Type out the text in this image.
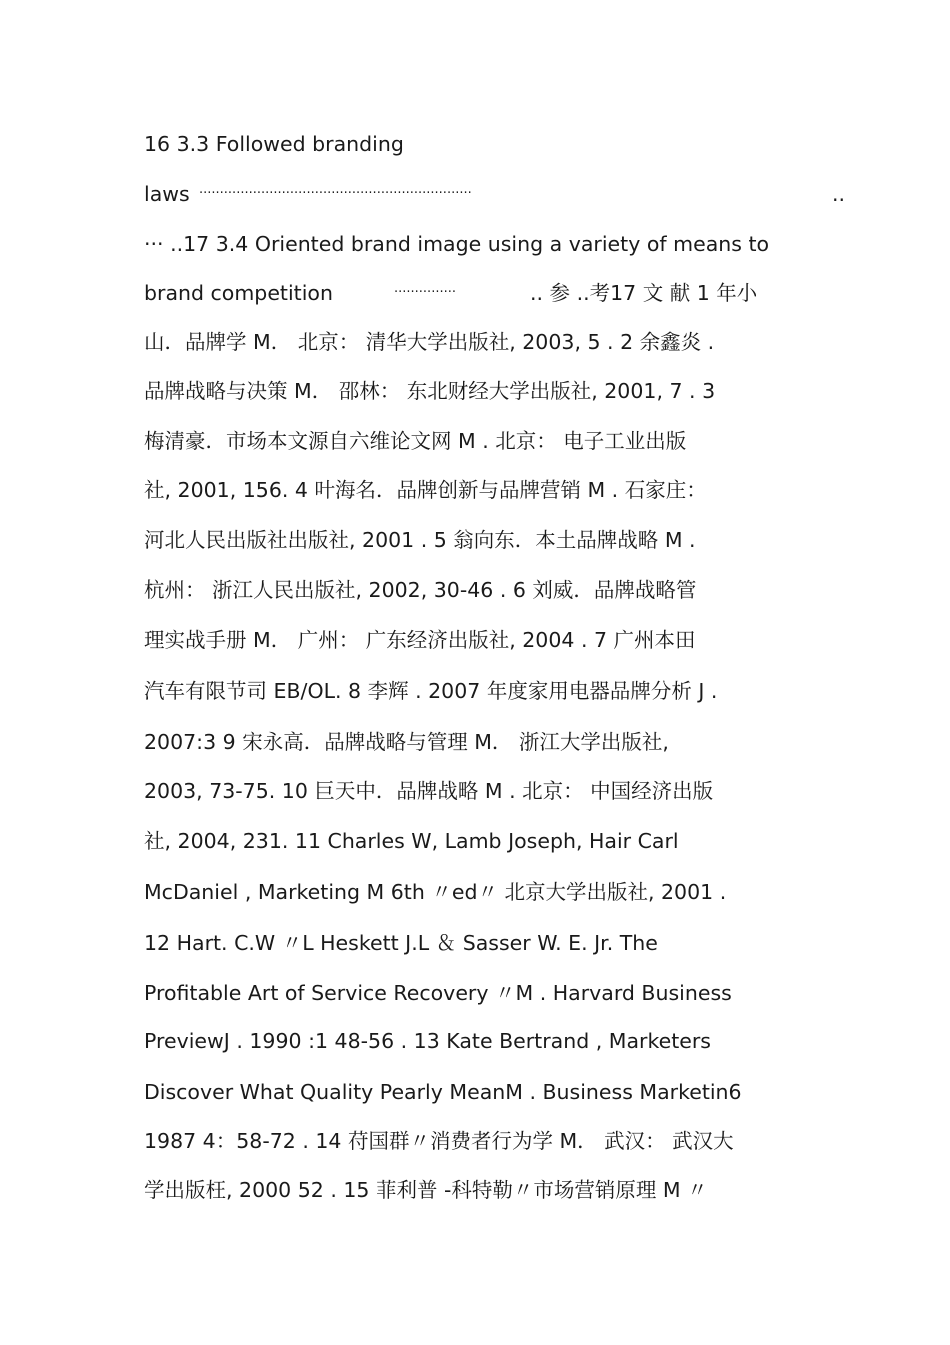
16 3.3 Followed branding
laws ··································································	..
··· ..17 3.4 Oriented brand image using a variety of means to
brand competition	···············	.. 参 ..考17 文 献 1 年小
山．品牌学 M． 北京： 清华大学出版社, 2003, 5 . 2 余鑫炎 .
品牌战略与决策 M． 邵林： 东北财经大学出版社, 2001, 7 . 3
梅清豪．市场本文源自六维论文网 M . 北京： 电子工业出版
社, 2001, 156. 4 叶海名．品牌创新与品牌营销 M . 石家庄：
河北人民出版社出版社, 2001 . 5 翁向东．本土品牌战略 M .
杭州： 浙江人民出版社, 2002, 30-46 . 6 刘威．品牌战略管
理实战手册 M． 广州： 广东经济出版社, 2004 . 7 广州本田
汽车有限节司 EB/OL. 8 李辉 . 2007 年度家用电器品牌分析 J .
2007:3 9 宋永高．品牌战略与管理 M． 浙江大学出版社,
2003, 73-75. 10 巨天中．品牌战略 M . 北京： 中国经济出版
社, 2004, 231. 11 Charles W, Lamb Joseph, Hair Carl
McDaniel , Marketing M 6th 〃ed〃 北京大学出版社, 2001 .
12 Hart. C.W 〃L Heskett J.L ＆ Sasser W. E. Jr. The
Profitable Art of Service Recovery 〃M . Harvard Business
PreviewJ . 1990 :1 48-56 . 13 Kate Bertrand , Marketers
Discover What Quality Pearly MeanM . Business Marketin6
1987 4：58-72 . 14 苻国群〃消费者行为学 M． 武汉： 武汉大
学出版枉, 2000 52 . 15 菲利普 -科特勒〃市场营销原理 M 〃
